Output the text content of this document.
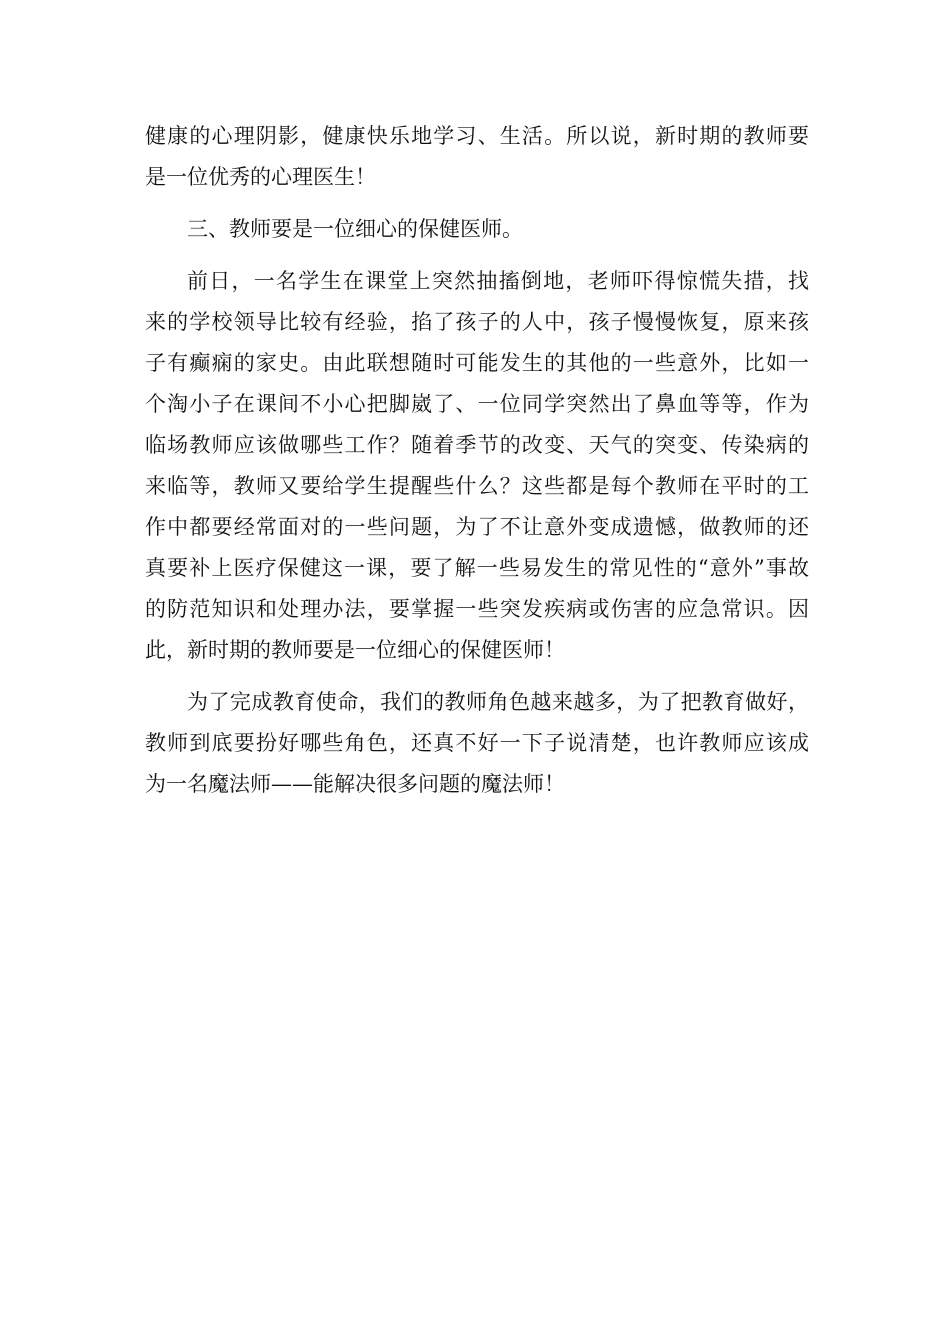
健康的心理阴影，健康快乐地学习、生活。所以说，新时期的教师要
是一位优秀的心理医生！
三、教师要是一位细心的保健医师。
前日，一名学生在课堂上突然抽搐倒地，老师吓得惊慌失措，找
来的学校领导比较有经验，掐了孩子的人中，孩子慢慢恢复，原来孩
子有癫痫的家史。由此联想随时可能发生的其他的一些意外，比如一
个淘小子在课间不小心把脚崴了、一位同学突然出了鼻血等等，作为
临场教师应该做哪些工作？随着季节的改变、天气的突变、传染病的
来临等，教师又要给学生提醒些什么？这些都是每个教师在平时的工
作中都要经常面对的一些问题，为了不让意外变成遗憾，做教师的还
真要补上医疗保健这一课，要了解一些易发生的常见性的“意外”事故
的防范知识和处理办法，要掌握一些突发疾病或伤害的应急常识。因
此，新时期的教师要是一位细心的保健医师！
为了完成教育使命，我们的教师角色越来越多，为了把教育做好，
教师到底要扮好哪些角色，还真不好一下子说清楚，也许教师应该成
为一名魔法师——能解决很多问题的魔法师！
